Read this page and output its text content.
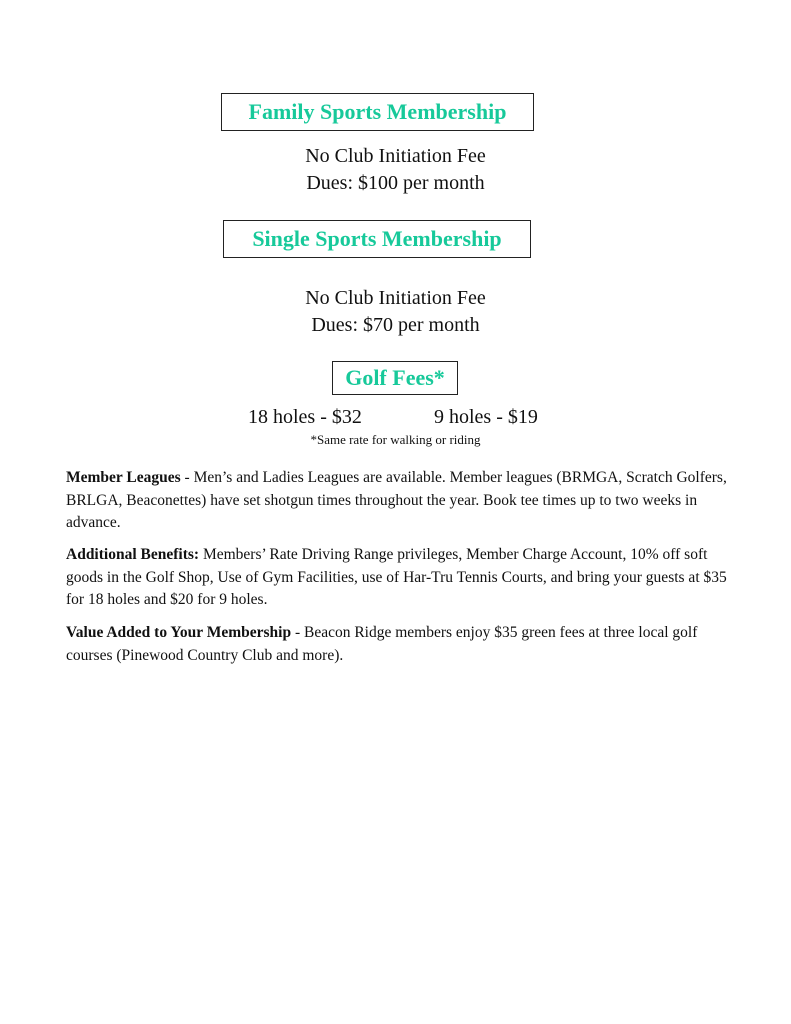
Family Sports Membership
No Club Initiation Fee
Dues: $100 per month
Single Sports Membership
No Club Initiation Fee
Dues: $70 per month
Golf Fees*
18 holes - $32	9 holes - $19
*Same rate for walking or riding

Member Leagues - Men’s and Ladies Leagues are available. Member leagues (BRMGA, Scratch Golfers, BRLGA, Beaconettes) have set shotgun times throughout the year. Book tee times up to two weeks in advance.

Additional Benefits: Members’ Rate Driving Range privileges, Member Charge Account, 10% off soft goods in the Golf Shop, Use of Gym Facilities, use of Har-Tru Tennis Courts, and bring your guests at $35 for 18 holes and $20 for 9 holes.

Value Added to Your Membership - Beacon Ridge members enjoy $35 green fees at three local golf courses (Pinewood Country Club and more).
